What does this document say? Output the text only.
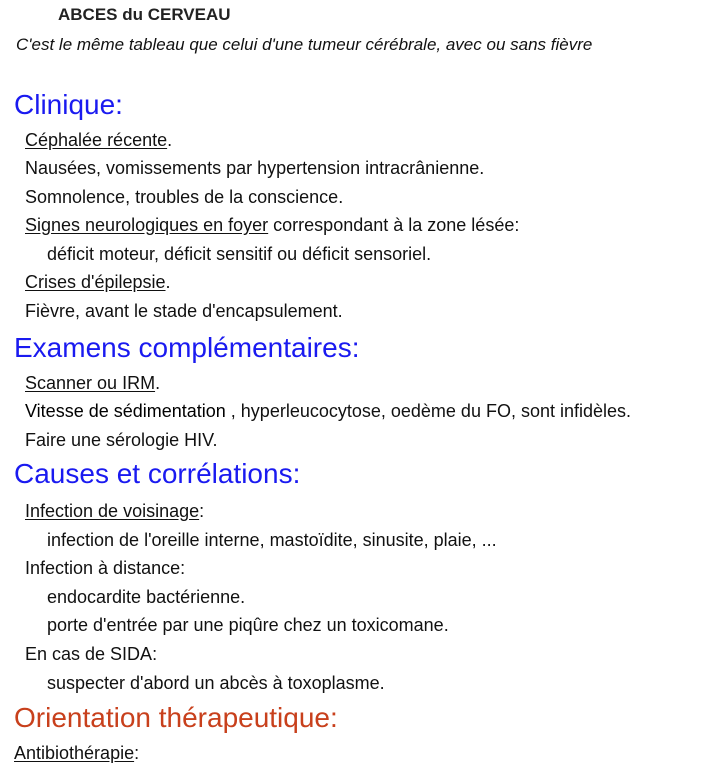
ABCES du CERVEAU
C'est le même tableau que celui d'une tumeur cérébrale, avec ou sans fièvre
Clinique:
Céphalée récente.
Nausées, vomissements par hypertension intracrânienne.
Somnolence, troubles de la conscience.
Signes neurologiques en foyer correspondant à la zone lésée:
déficit moteur, déficit sensitif ou déficit sensoriel.
Crises d'épilepsie.
Fièvre, avant le stade d'encapsulement.
Examens complémentaires:
Scanner ou IRM.
Vitesse de sédimentation , hyperleucocytose, oedème du FO, sont infidèles.
Faire une sérologie HIV.
Causes et corrélations:
Infection de voisinage:
infection de l'oreille interne, mastoïdite, sinusite, plaie, ...
Infection à distance:
endocardite bactérienne.
porte d'entrée par une piqûre chez un toxicomane.
En cas de SIDA:
suspecter d'abord un abcès à toxoplasme.
Orientation thérapeutique:
Antibiothérapie:
